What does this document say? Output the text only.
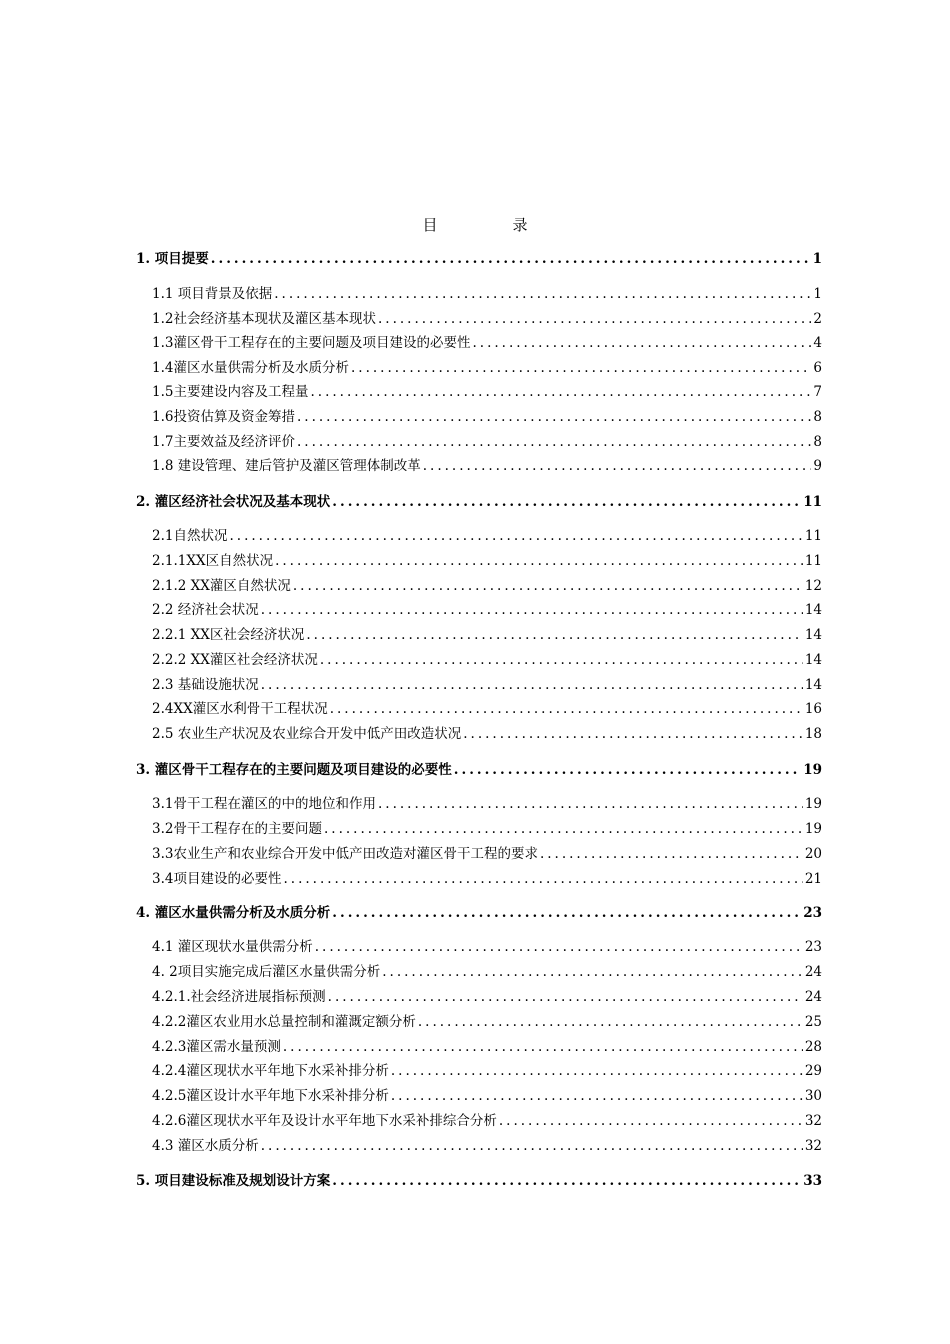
目　录
1. 项目提要 .....	1
1.1 项目背景及依据 .....	1
1.2社会经济基本现状及灌区基本现状 .....	2
1.3灌区骨干工程存在的主要问题及项目建设的必要性 .....	4
1.4灌区水量供需分析及水质分析 .....	6
1.5主要建设内容及工程量 .....	7
1.6投资估算及资金筹措 .....	8
1.7主要效益及经济评价 .....	8
1.8 建设管理、建后管护及灌区管理体制改革 .....	9
2. 灌区经济社会状况及基本现状 .....	11
2.1自然状况 .....	11
2.1.1XX区自然状况 .....	11
2.1.2 XX灌区自然状况 .....	12
2.2 经济社会状况 .....	14
2.2.1 XX区社会经济状况 .....	14
2.2.2 XX灌区社会经济状况 .....	14
2.3 基础设施状况 .....	14
2.4XX灌区水利骨干工程状况 .....	16
2.5 农业生产状况及农业综合开发中低产田改造状况 .....	18
3. 灌区骨干工程存在的主要问题及项目建设的必要性 .....	19
3.1骨干工程在灌区的中的地位和作用 .....	19
3.2骨干工程存在的主要问题 .....	19
3.3农业生产和农业综合开发中低产田改造对灌区骨干工程的要求 .....	20
3.4项目建设的必要性 .....	21
4. 灌区水量供需分析及水质分析 .....	23
4.1 灌区现状水量供需分析 .....	23
4. 2项目实施完成后灌区水量供需分析 .....	24
4.2.1.社会经济进展指标预测 .....	24
4.2.2灌区农业用水总量控制和灌溉定额分析 .....	25
4.2.3灌区需水量预测 .....	28
4.2.4灌区现状水平年地下水采补排分析 .....	29
4.2.5灌区设计水平年地下水采补排分析 .....	30
4.2.6灌区现状水平年及设计水平年地下水采补排综合分析 .....	32
4.3 灌区水质分析 .....	32
5. 项目建设标准及规划设计方案 .....	33
